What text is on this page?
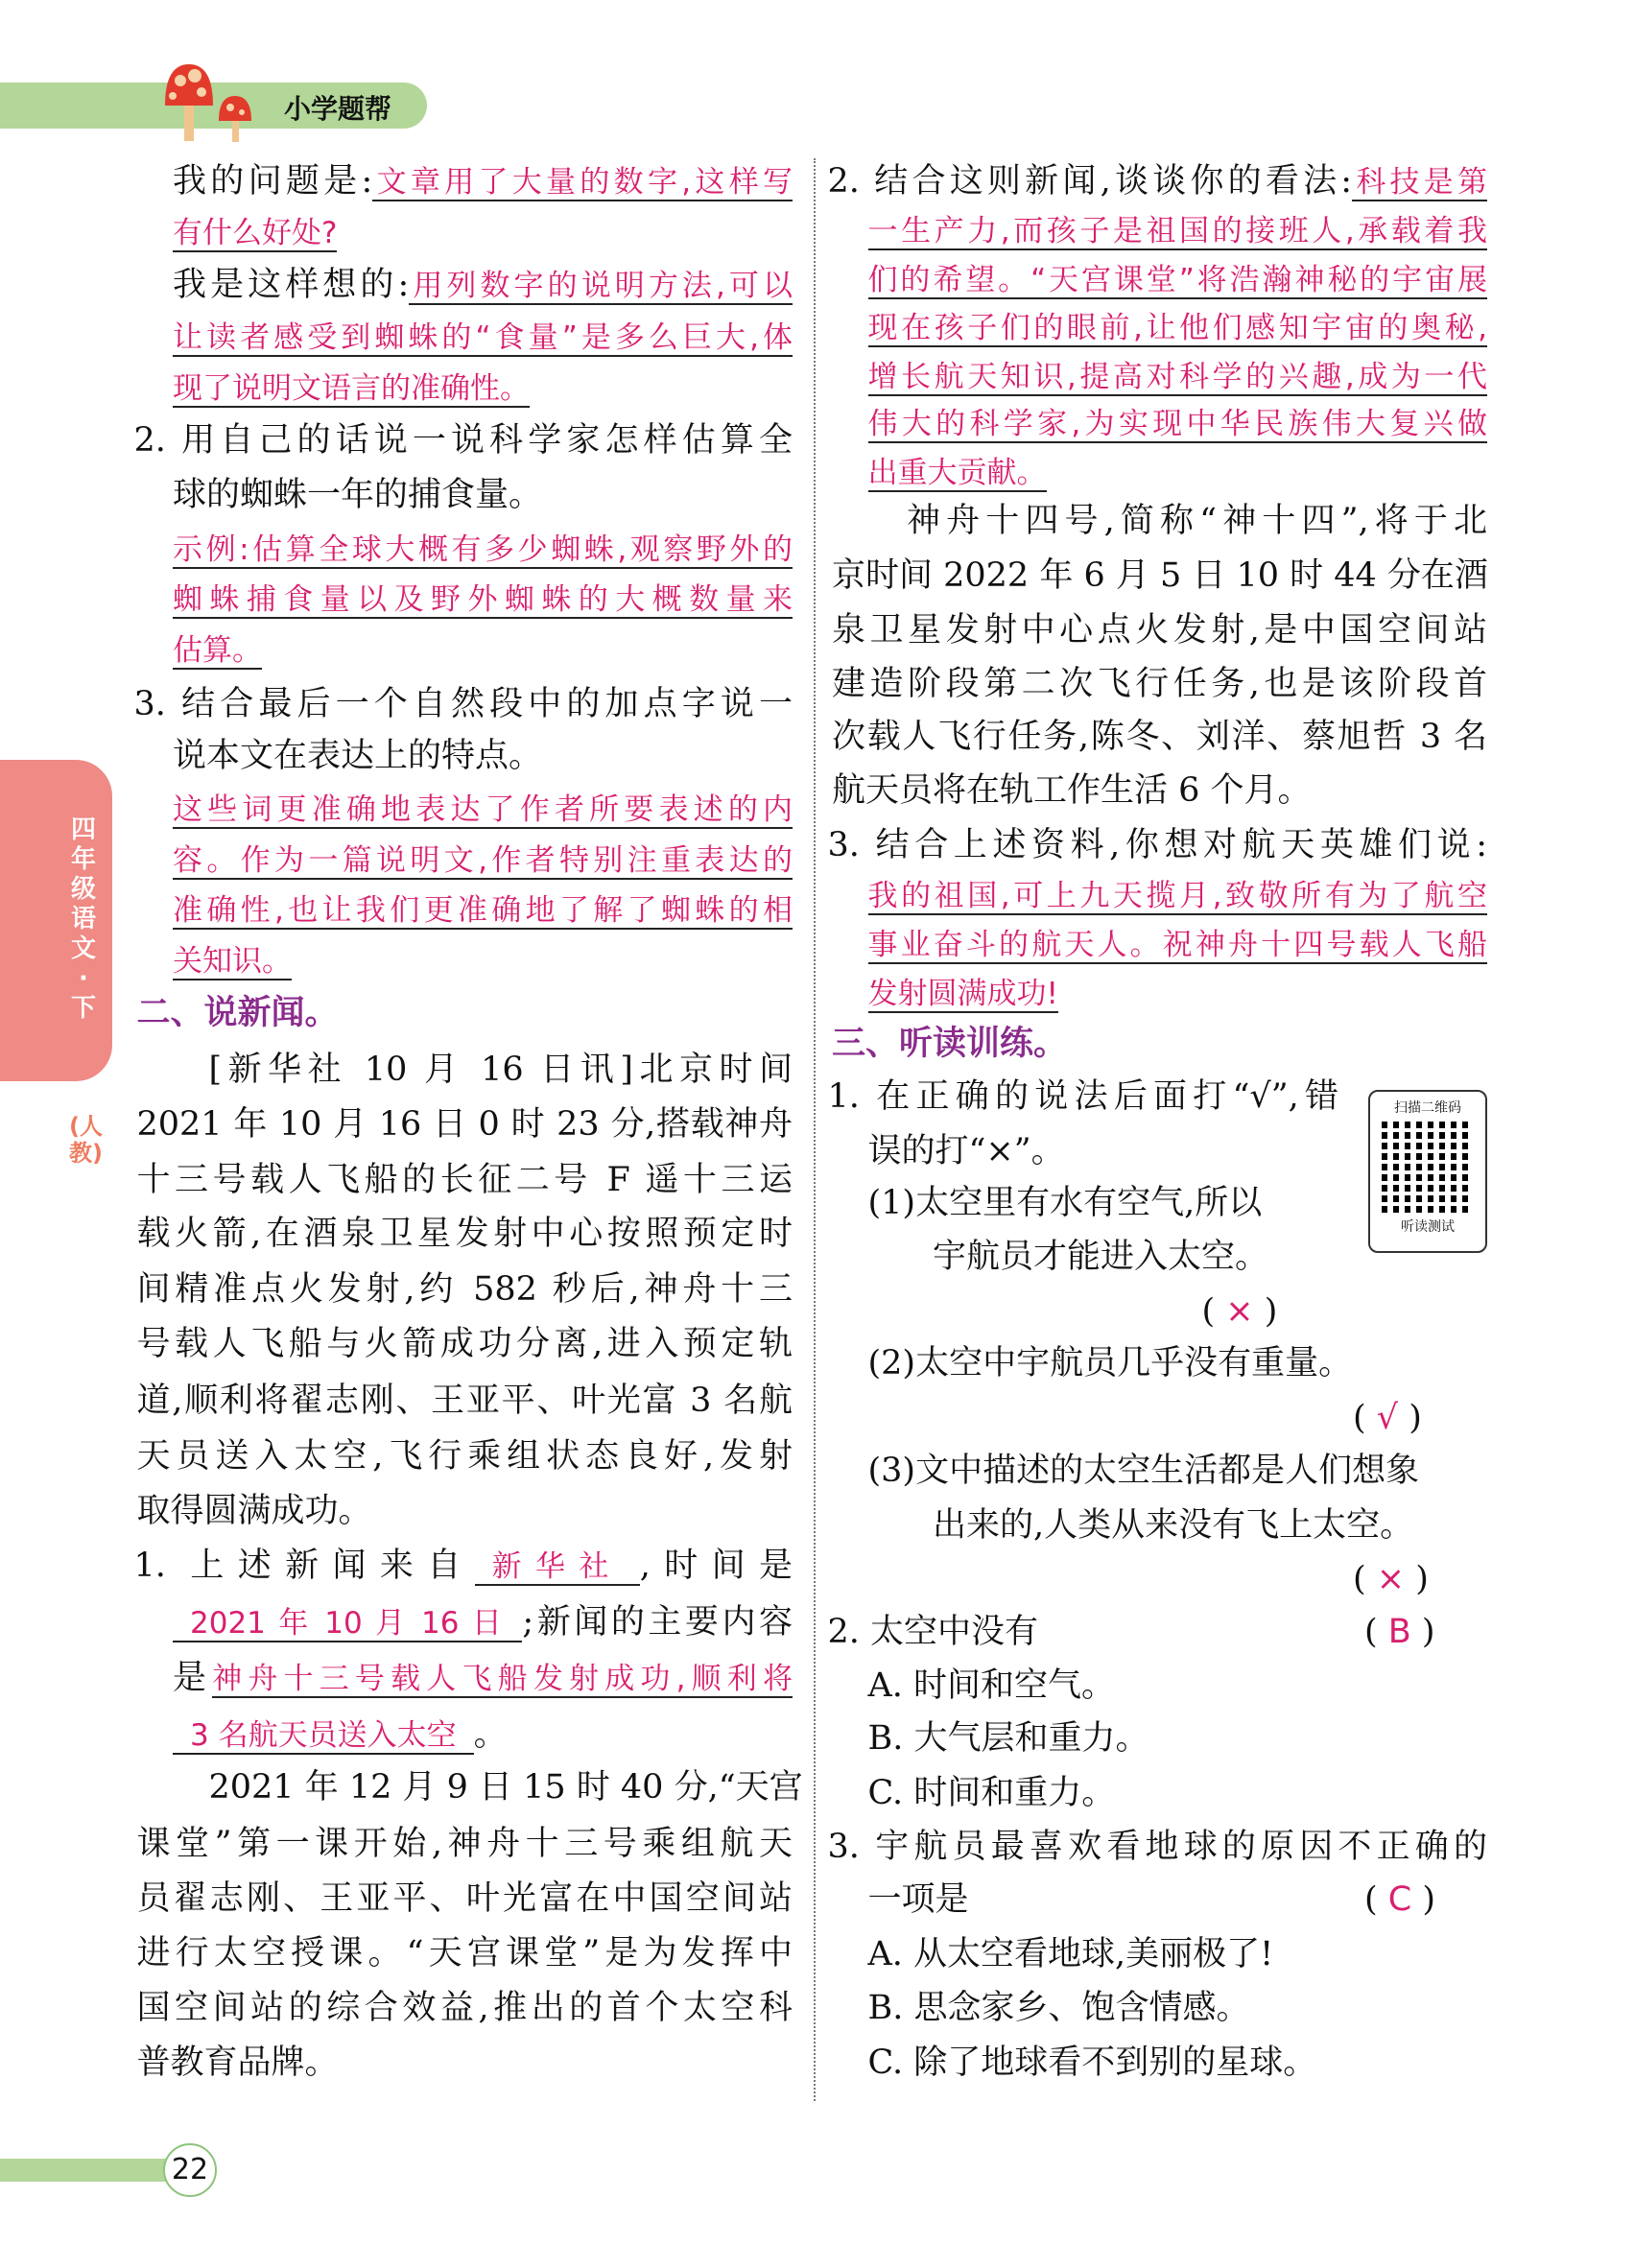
小学题帮
四年级语文·下
(人教)
扫描二维码
听读测试
22
我的问题是:文章用了大量的数字,这样写
有什么好处?
我是这样想的:用列数字的说明方法,可以
让读者感受到蜘蛛的“食量”是多么巨大,体
现了说明文语言的准确性。
2. 用自己的话说一说科学家怎样估算全
球的蜘蛛一年的捕食量。
示例:估算全球大概有多少蜘蛛,观察野外的
蜘蛛捕食量以及野外蜘蛛的大概数量来
估算。
3. 结合最后一个自然段中的加点字说一
说本文在表达上的特点。
这些词更准确地表达了作者所要表述的内
容。作为一篇说明文,作者特别注重表达的
准确性,也让我们更准确地了解了蜘蛛的相
关知识。
二、说新闻。
[新华社 10 月 16 日讯]北京时间
2021 年 10 月 16 日 0 时 23 分,搭载神舟
十三号载人飞船的长征二号 F 遥十三运
载火箭,在酒泉卫星发射中心按照预定时
间精准点火发射,约 582 秒后,神舟十三
号载人飞船与火箭成功分离,进入预定轨
道,顺利将翟志刚、王亚平、叶光富 3 名航
天员送入太空,飞行乘组状态良好,发射
取得圆满成功。
1. 上述新闻来自 新华社 ,时间是
2021 年 10 月 16 日 ;新闻的主要内容
是神舟十三号载人飞船发射成功,顺利将
3 名航天员送入太空 。
2021 年 12 月 9 日 15 时 40 分,“天宫
课堂”第一课开始,神舟十三号乘组航天
员翟志刚、王亚平、叶光富在中国空间站
进行太空授课。“天宫课堂”是为发挥中
国空间站的综合效益,推出的首个太空科
普教育品牌。
2. 结合这则新闻,谈谈你的看法:科技是第
一生产力,而孩子是祖国的接班人,承载着我
们的希望。“天宫课堂”将浩瀚神秘的宇宙展
现在孩子们的眼前,让他们感知宇宙的奥秘,
增长航天知识,提高对科学的兴趣,成为一代
伟大的科学家,为实现中华民族伟大复兴做
出重大贡献。
神舟十四号,简称“神十四”,将于北
京时间 2022 年 6 月 5 日 10 时 44 分在酒
泉卫星发射中心点火发射,是中国空间站
建造阶段第二次飞行任务,也是该阶段首
次载人飞行任务,陈冬、刘洋、蔡旭哲 3 名
航天员将在轨工作生活 6 个月。
3. 结合上述资料,你想对航天英雄们说:
我的祖国,可上九天揽月,致敬所有为了航空
事业奋斗的航天人。祝神舟十四号载人飞船
发射圆满成功!
三、听读训练。
1. 在正确的说法后面打“√”,错
误的打“×”。
(1)太空里有水有空气,所以
宇航员才能进入太空。
( × )
(2)太空中宇航员几乎没有重量。
( √ )
(3)文中描述的太空生活都是人们想象
出来的,人类从来没有飞上太空。
( × )
2. 太空中没有	( B )
A. 时间和空气。
B. 大气层和重力。
C. 时间和重力。
3. 宇航员最喜欢看地球的原因不正确的
一项是	( C )
A. 从太空看地球,美丽极了!
B. 思念家乡、饱含情感。
C. 除了地球看不到别的星球。
